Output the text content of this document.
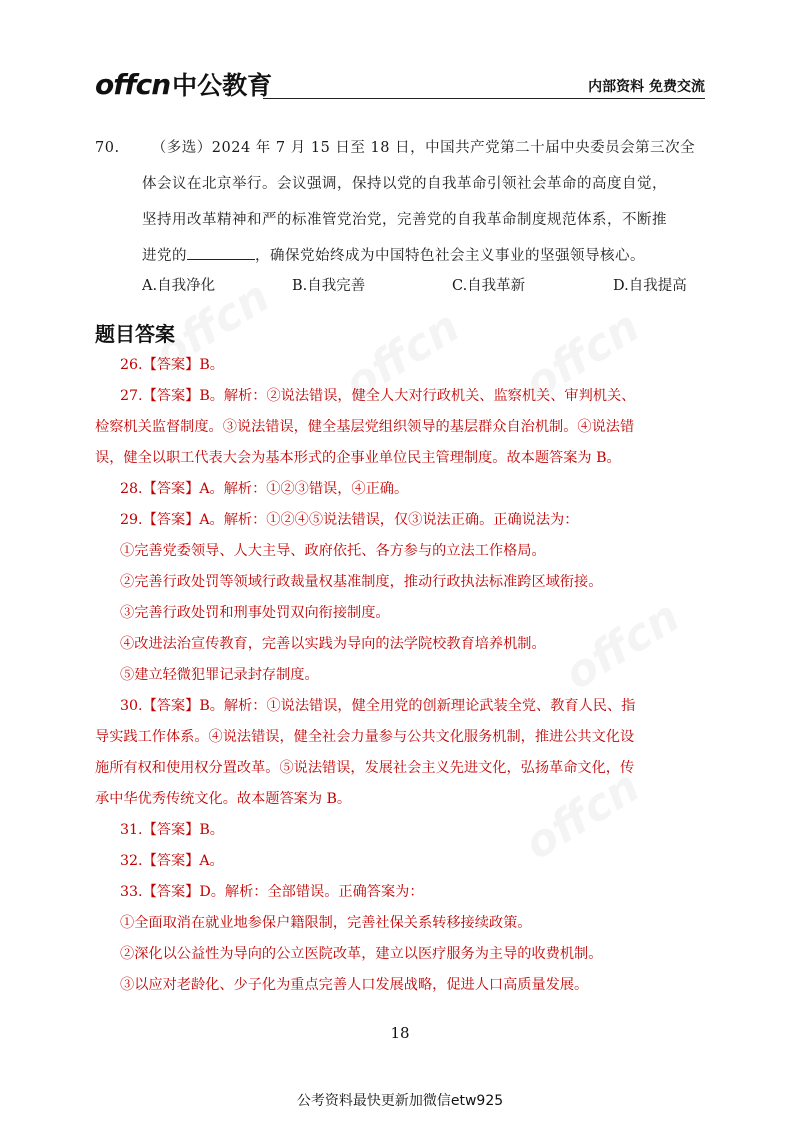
offcn 中公教育	内部资料 免费交流
70. （多选）2024 年 7 月 15 日至 18 日，中国共产党第二十届中央委员会第三次全
体会议在北京举行。会议强调，保持以党的自我革命引领社会革命的高度自觉，
坚持用改革精神和严的标准管党治党，完善党的自我革命制度规范体系，不断推
进党的	，确保党始终成为中国特色社会主义事业的坚强领导核心。
A.自我净化	B.自我完善	C.自我革新	D.自我提高
题目答案
26.【答案】B。
27.【答案】B。解析：②说法错误，健全人大对行政机关、监察机关、审判机关、
检察机关监督制度。③说法错误，健全基层党组织领导的基层群众自治机制。④说法错
误，健全以职工代表大会为基本形式的企事业单位民主管理制度。故本题答案为 B。
28.【答案】A。解析：①②③错误，④正确。
29.【答案】A。解析：①②④⑤说法错误，仅③说法正确。正确说法为：
①完善党委领导、人大主导、政府依托、各方参与的立法工作格局。
②完善行政处罚等领域行政裁量权基准制度，推动行政执法标准跨区域衔接。
③完善行政处罚和刑事处罚双向衔接制度。
④改进法治宣传教育，完善以实践为导向的法学院校教育培养机制。
⑤建立轻微犯罪记录封存制度。
30.【答案】B。解析：①说法错误，健全用党的创新理论武装全党、教育人民、指
导实践工作体系。④说法错误，健全社会力量参与公共文化服务机制，推进公共文化设
施所有权和使用权分置改革。⑤说法错误，发展社会主义先进文化，弘扬革命文化，传
承中华优秀传统文化。故本题答案为 B。
31.【答案】B。
32.【答案】A。
33.【答案】D。解析：全部错误。正确答案为：
①全面取消在就业地参保户籍限制，完善社保关系转移接续政策。
②深化以公益性为导向的公立医院改革，建立以医疗服务为主导的收费机制。
③以应对老龄化、少子化为重点完善人口发展战略，促进人口高质量发展。
18
公考资料最快更新加微信etw925
